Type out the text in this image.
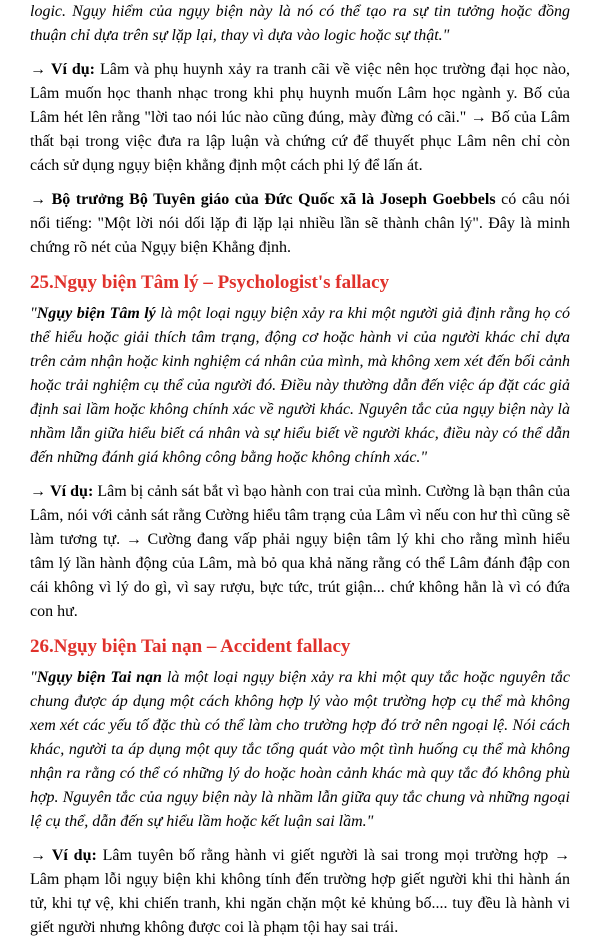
logic. Ngụy hiểm của ngụy biện này là nó có thể tạo ra sự tin tưởng hoặc đồng thuận chỉ dựa trên sự lặp lại, thay vì dựa vào logic hoặc sự thật."

→ Ví dụ: Lâm và phụ huynh xảy ra tranh cãi về việc nên học trường đại học nào, Lâm muốn học thanh nhạc trong khi phụ huynh muốn Lâm học ngành y. Bố của Lâm hét lên rằng "lời tao nói lúc nào cũng đúng, mày đừng có cãi." → Bố của Lâm thất bại trong việc đưa ra lập luận và chứng cứ để thuyết phục Lâm nên chỉ còn cách sử dụng ngụy biện khẳng định một cách phi lý để lấn át.

→ Bộ trưởng Bộ Tuyên giáo của Đức Quốc xã là Joseph Goebbels có câu nói nổi tiếng: "Một lời nói dối lặp đi lặp lại nhiều lần sẽ thành chân lý". Đây là minh chứng rõ nét của Ngụy biện Khẳng định.

25.Ngụy biện Tâm lý – Psychologist's fallacy

"Ngụy biện Tâm lý là một loại ngụy biện xảy ra khi một người giả định rằng họ có thể hiểu hoặc giải thích tâm trạng, động cơ hoặc hành vi của người khác chỉ dựa trên cảm nhận hoặc kinh nghiệm cá nhân của mình, mà không xem xét đến bối cảnh hoặc trải nghiệm cụ thể của người đó. Điều này thường dẫn đến việc áp đặt các giả định sai lầm hoặc không chính xác về người khác. Nguyên tắc của ngụy biện này là nhầm lẫn giữa hiểu biết cá nhân và sự hiểu biết về người khác, điều này có thể dẫn đến những đánh giá không công bằng hoặc không chính xác."

→ Ví dụ: Lâm bị cảnh sát bắt vì bạo hành con trai của mình. Cường là bạn thân của Lâm, nói với cảnh sát rằng Cường hiểu tâm trạng của Lâm vì nếu con hư thì cũng sẽ làm tương tự. → Cường đang vấp phải ngụy biện tâm lý khi cho rằng mình hiểu tâm lý lần hành động của Lâm, mà bỏ qua khả năng rằng có thể Lâm đánh đập con cái không vì lý do gì, vì say rượu, bực tức, trút giận... chứ không hẳn là vì có đứa con hư.

26.Ngụy biện Tai nạn – Accident fallacy

"Ngụy biện Tai nạn là một loại ngụy biện xảy ra khi một quy tắc hoặc nguyên tắc chung được áp dụng một cách không hợp lý vào một trường hợp cụ thể mà không xem xét các yếu tố đặc thù có thể làm cho trường hợp đó trở nên ngoại lệ. Nói cách khác, người ta áp dụng một quy tắc tổng quát vào một tình huống cụ thể mà không nhận ra rằng có thể có những lý do hoặc hoàn cảnh khác mà quy tắc đó không phù hợp. Nguyên tắc của ngụy biện này là nhầm lẫn giữa quy tắc chung và những ngoại lệ cụ thể, dẫn đến sự hiểu lầm hoặc kết luận sai lầm."

→ Ví dụ: Lâm tuyên bố rằng hành vi giết người là sai trong mọi trường hợp → Lâm phạm lỗi ngụy biện khi không tính đến trường hợp giết người khi thi hành án tử, khi tự vệ, khi chiến tranh, khi ngăn chặn một kẻ khủng bố.... tuy đều là hành vi giết người nhưng không được coi là phạm tội hay sai trái.
